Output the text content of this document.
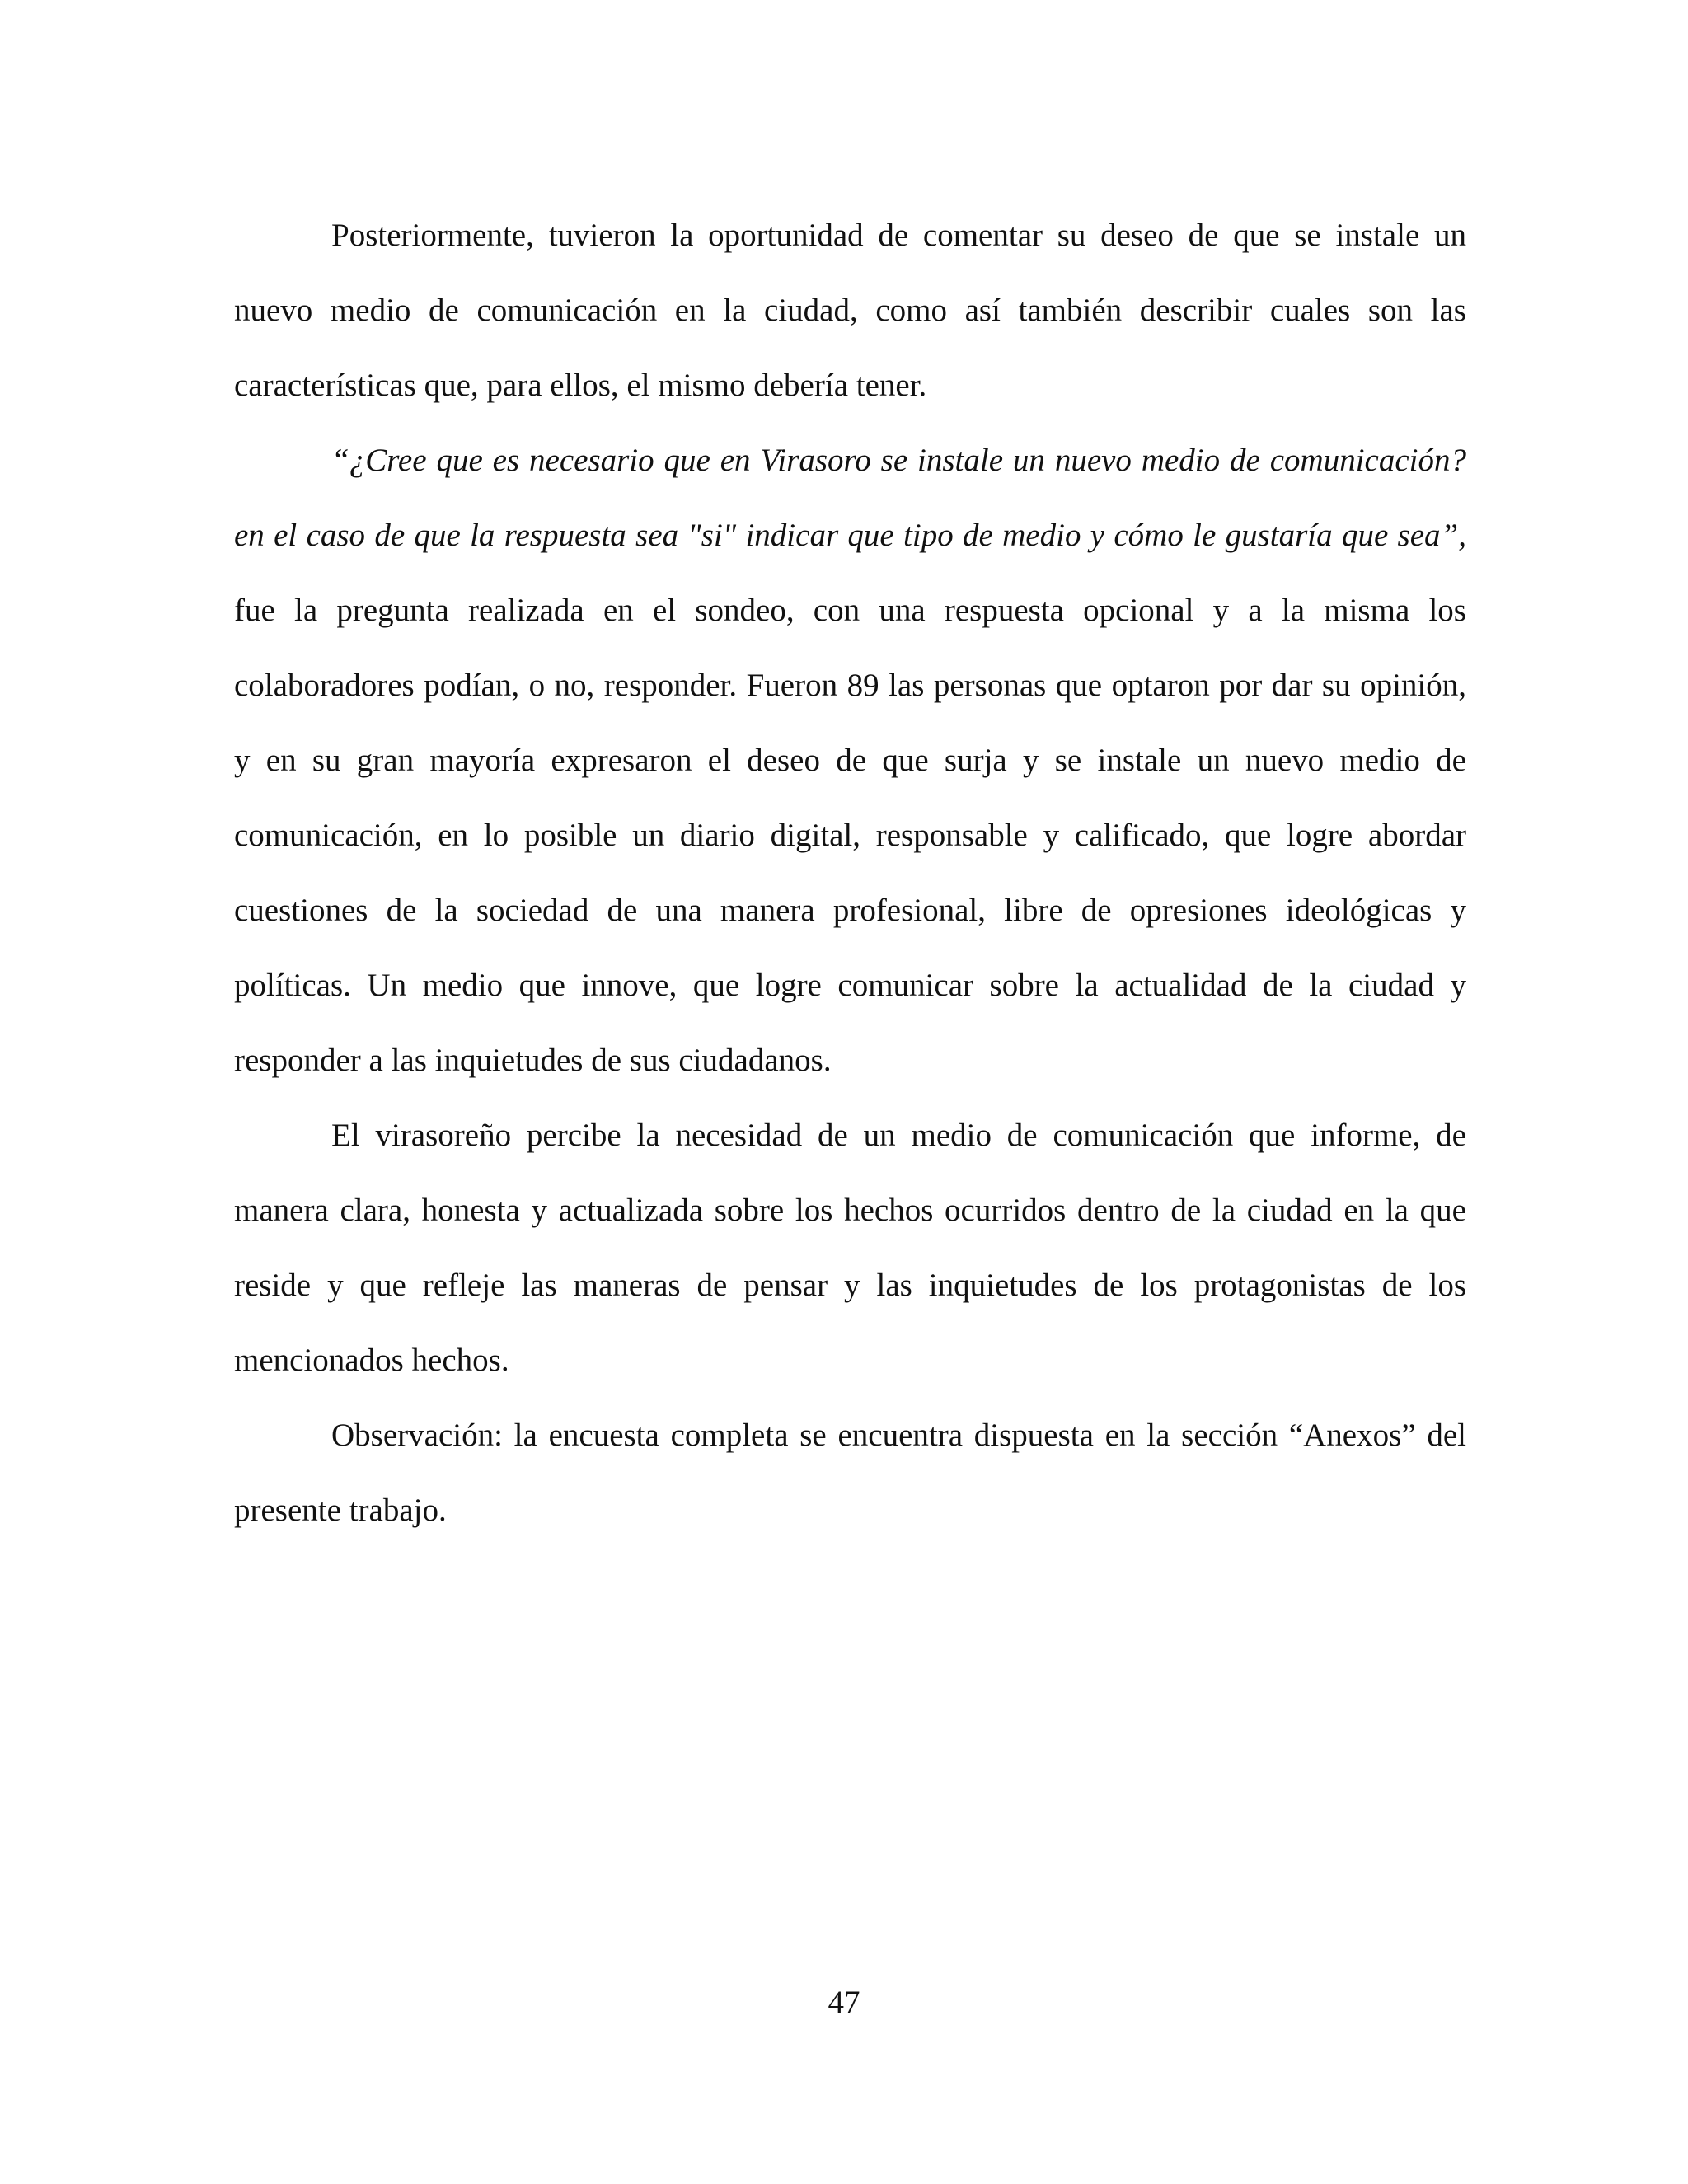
Posteriormente, tuvieron la oportunidad de comentar su deseo de que se instale un nuevo medio de comunicación en la ciudad, como así también describir cuales son las características que, para ellos, el mismo debería tener.

“¿Cree que es necesario que en Virasoro se instale un nuevo medio de comunicación? en el caso de que la respuesta sea "si" indicar que tipo de medio y cómo le gustaría que sea”, fue la pregunta realizada en el sondeo, con una respuesta opcional y a la misma los colaboradores podían, o no, responder. Fueron 89 las personas que optaron por dar su opinión, y en su gran mayoría expresaron el deseo de que surja y se instale un nuevo medio de comunicación, en lo posible un diario digital, responsable y calificado, que logre abordar cuestiones de la sociedad de una manera profesional, libre de opresiones ideológicas y políticas. Un medio que innove, que logre comunicar sobre la actualidad de la ciudad y responder a las inquietudes de sus ciudadanos.

El virasoreño percibe la necesidad de un medio de comunicación que informe, de manera clara, honesta y actualizada sobre los hechos ocurridos dentro de la ciudad en la que reside y que refleje las maneras de pensar y las inquietudes de los protagonistas de los mencionados hechos.

Observación: la encuesta completa se encuentra dispuesta en la sección “Anexos” del presente trabajo.

47
